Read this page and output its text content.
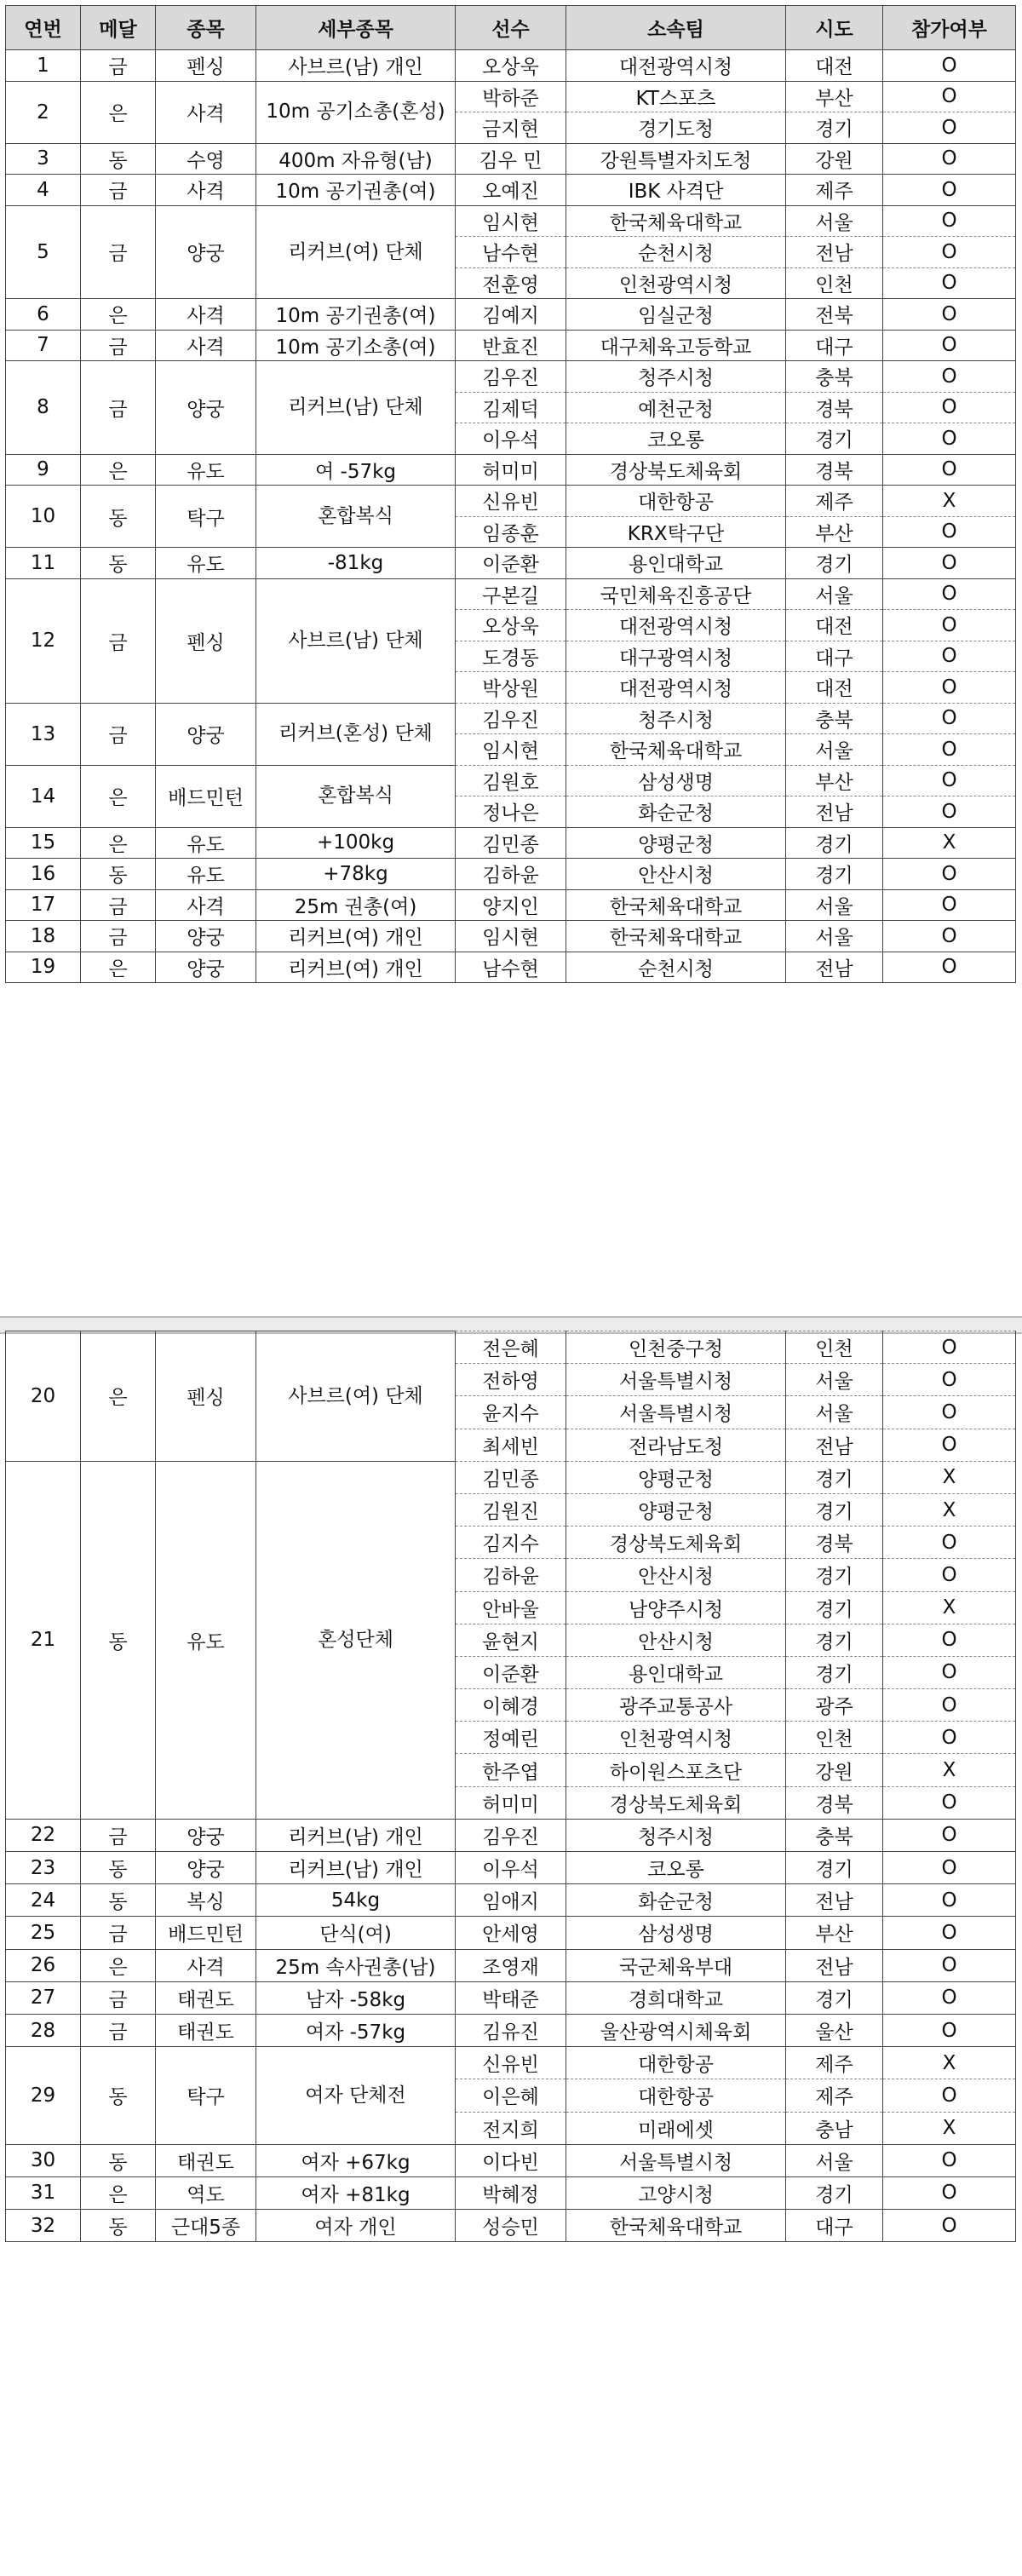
연번	메달	종목	세부종목	선수	소속팀	시도	참가여부
1	금	펜싱	사브르(남) 개인	오상욱	대전광역시청	대전	O
2	은	사격	10m 공기소총(혼성)	박하준	KT스포츠	부산	O
				금지현	경기도청	경기	O
3	동	수영	400m 자유형(남)	김우 민	강원특별자치도청	강원	O
4	금	사격	10m 공기권총(여)	오예진	IBK 사격단	제주	O
5	금	양궁	리커브(여) 단체	임시현	한국체육대학교	서울	O
				남수현	순천시청	전남	O
				전훈영	인천광역시청	인천	O
6	은	사격	10m 공기권총(여)	김예지	임실군청	전북	O
7	금	사격	10m 공기소총(여)	반효진	대구체육고등학교	대구	O
8	금	양궁	리커브(남) 단체	김우진	청주시청	충북	O
				김제덕	예천군청	경북	O
				이우석	코오롱	경기	O
9	은	유도	여 -57kg	허미미	경상북도체육회	경북	O
10	동	탁구	혼합복식	신유빈	대한항공	제주	X
				임종훈	KRX탁구단	부산	O
11	동	유도	-81kg	이준환	용인대학교	경기	O
12	금	펜싱	사브르(남) 단체	구본길	국민체육진흥공단	서울	O
				오상욱	대전광역시청	대전	O
				도경동	대구광역시청	대구	O
				박상원	대전광역시청	대전	O
13	금	양궁	리커브(혼성) 단체	김우진	청주시청	충북	O
				임시현	한국체육대학교	서울	O
14	은	배드민턴	혼합복식	김원호	삼성생명	부산	O
				정나은	화순군청	전남	O
15	은	유도	+100kg	김민종	양평군청	경기	X
16	동	유도	+78kg	김하윤	안산시청	경기	O
17	금	사격	25m 권총(여)	양지인	한국체육대학교	서울	O
18	금	양궁	리커브(여) 개인	임시현	한국체육대학교	서울	O
19	은	양궁	리커브(여) 개인	남수현	순천시청	전남	O
20	은	펜싱	사브르(여) 단체	전은혜	인천중구청	인천	O
				전하영	서울특별시청	서울	O
				윤지수	서울특별시청	서울	O
				최세빈	전라남도청	전남	O
21	동	유도	혼성단체	김민종	양평군청	경기	X
				김원진	양평군청	경기	X
				김지수	경상북도체육회	경북	O
				김하윤	안산시청	경기	O
				안바울	남양주시청	경기	X
				윤현지	안산시청	경기	O
				이준환	용인대학교	경기	O
				이혜경	광주교통공사	광주	O
				정예린	인천광역시청	인천	O
				한주엽	하이원스포츠단	강원	X
				허미미	경상북도체육회	경북	O
22	금	양궁	리커브(남) 개인	김우진	청주시청	충북	O
23	동	양궁	리커브(남) 개인	이우석	코오롱	경기	O
24	동	복싱	54kg	임애지	화순군청	전남	O
25	금	배드민턴	단식(여)	안세영	삼성생명	부산	O
26	은	사격	25m 속사권총(남)	조영재	국군체육부대	전남	O
27	금	태권도	남자 -58kg	박태준	경희대학교	경기	O
28	금	태권도	여자 -57kg	김유진	울산광역시체육회	울산	O
29	동	탁구	여자 단체전	신유빈	대한항공	제주	X
				이은혜	대한항공	제주	O
				전지희	미래에셋	충남	X
30	동	태권도	여자 +67kg	이다빈	서울특별시청	서울	O
31	은	역도	여자 +81kg	박혜정	고양시청	경기	O
32	동	근대5종	여자 개인	성승민	한국체육대학교	대구	O
